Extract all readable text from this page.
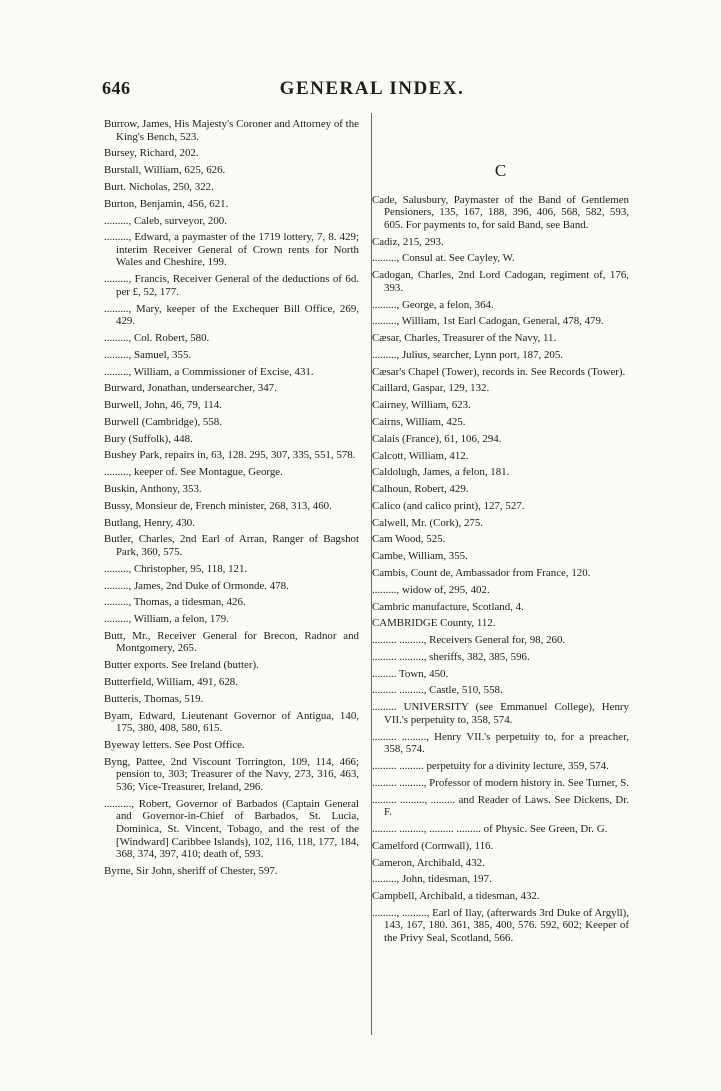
646	GENERAL INDEX.
Burrow, James, His Majesty's Coroner and Attorney of the King's Bench, 523.
Bursey, Richard, 202.
Burstall, William, 625, 626.
Burt. Nicholas, 250, 322.
Burton, Benjamin, 456, 621.
........., Caleb, surveyor, 200.
........., Edward, a paymaster of the 1719 lottery, 7, 8. 429; interim Receiver General of Crown rents for North Wales and Cheshire, 199.
........., Francis, Receiver General of the deductions of 6d. per £, 52, 177.
........., Mary, keeper of the Exchequer Bill Office, 269, 429.
........., Col. Robert, 580.
........., Samuel, 355.
........., William, a Commissioner of Excise, 431.
Burward, Jonathan, undersearcher, 347.
Burwell, John, 46, 79, 114.
Burwell (Cambridge), 558.
Bury (Suffolk), 448.
Bushey Park, repairs in, 63, 128. 295, 307, 335, 551, 578.
........., keeper of. See Montague, George.
Buskin, Anthony, 353.
Bussy, Monsieur de, French minister, 268, 313, 460.
Butlang, Henry, 430.
Butler, Charles, 2nd Earl of Arran, Ranger of Bagshot Park, 360, 575.
........., Christopher, 95, 118, 121.
........., James, 2nd Duke of Ormonde. 478.
........., Thomas, a tidesman, 426.
........., William, a felon, 179.
Butt, Mr., Receiver General for Brecon, Radnor and Montgomery, 265.
Butter exports. See Ireland (butter).
Butterfield, William, 491, 628.
Butteris, Thomas, 519.
Byam, Edward, Lieutenant Governor of Antigua, 140, 175, 380, 408, 580, 615.
Byeway letters. See Post Office.
Byng, Pattee, 2nd Viscount Torrington, 109, 114, 466; pension to, 303; Treasurer of the Navy, 273, 316, 463, 536; Vice-Treasurer, Ireland, 296.
.........., Robert, Governor of Barbados (Captain General and Governor-in-Chief of Barbados, St. Lucia, Dominica, St. Vincent, Tobago, and the rest of the [Windward] Caribbee Islands), 102, 116, 118, 177, 184, 368, 374, 397, 410; death of, 593.
Byrne, Sir John, sheriff of Chester, 597.
C
Cade, Salusbury, Paymaster of the Band of Gentlemen Pensioners, 135, 167, 188, 396, 406, 568, 582, 593, 605. For payments to, for said Band, see Band.
Cadiz, 215, 293.
........., Consul at. See Cayley, W.
Cadogan, Charles, 2nd Lord Cadogan, regiment of, 176, 393.
........., George, a felon, 364.
........., William, 1st Earl Cadogan, General, 478, 479.
Cæsar, Charles, Treasurer of the Navy, 11.
........., Julius, searcher, Lynn port, 187, 205.
Cæsar's Chapel (Tower), records in. See Records (Tower).
Caillard, Gaspar, 129, 132.
Cairney, William, 623.
Cairns, William, 425.
Calais (France), 61, 106, 294.
Calcott, William, 412.
Caldolugh, James, a felon, 181.
Calhoun, Robert, 429.
Calico (and calico print), 127, 527.
Calwell, Mr. (Cork), 275.
Cam Wood, 525.
Cambe, William, 355.
Cambis, Count de, Ambassador from France, 120.
........., widow of, 295, 402.
Cambric manufacture, Scotland, 4.
CAMBRIDGE County, 112.
......... ........., Receivers General for, 98, 260.
......... ........., sheriffs, 382, 385, 596.
......... Town, 450.
......... ........., Castle, 510, 558.
......... UNIVERSITY (see Emmanuel College), Henry VII.'s perpetuity to, 358, 574.
......... ........., Henry VII.'s perpetuity to, for a preacher, 358, 574.
......... ......... perpetuity for a divinity lecture, 359, 574.
......... ........., Professor of modern history in. See Turner, S.
......... ........., ......... and Reader of Laws. See Dickens, Dr. F.
......... ........., ......... ......... of Physic. See Green, Dr. G.
Camelford (Cornwall), 116.
Cameron, Archibald, 432.
........., John, tidesman, 197.
Campbell, Archibald, a tidesman, 432.
........., ........., Earl of Ilay, (afterwards 3rd Duke of Argyll), 143, 167, 180. 361, 385, 400, 576. 592, 602; Keeper of the Privy Seal, Scotland, 566.
